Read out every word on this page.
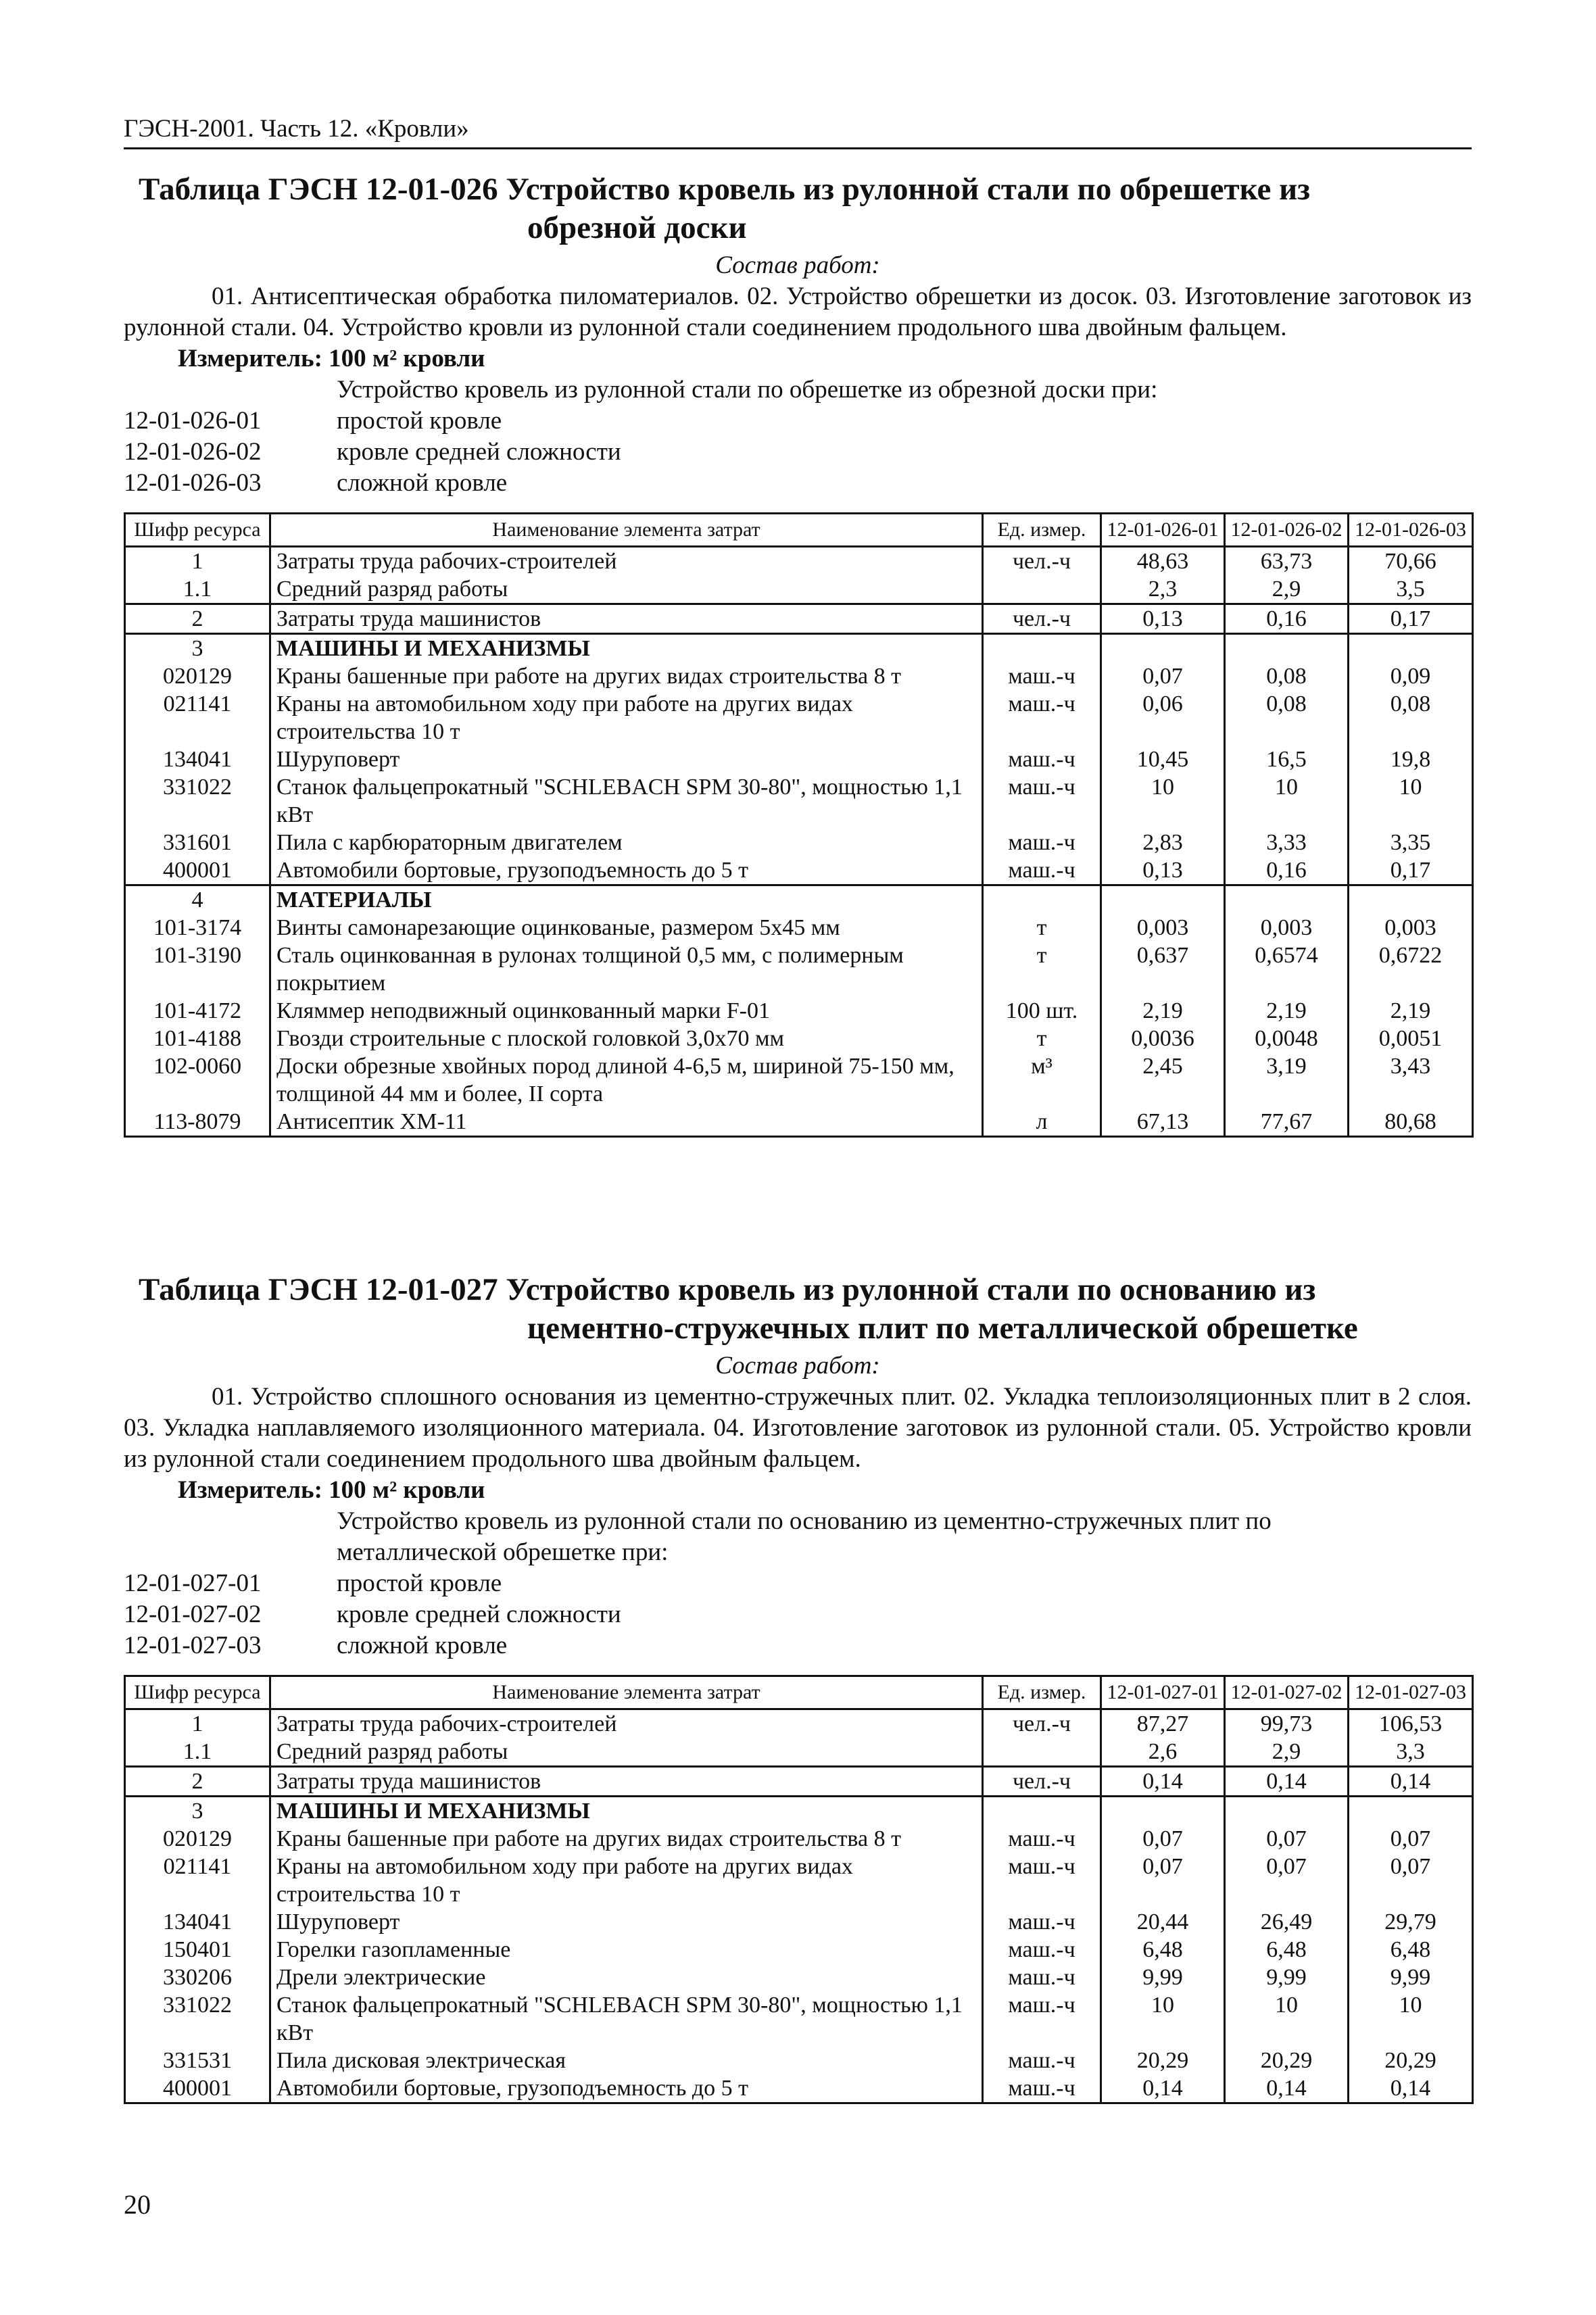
ГЭСН-2001. Часть 12. «Кровли»
Таблица ГЭСН 12-01-026 Устройство кровель из рулонной стали по обрешетке из
обрезной доски
Состав работ:

01. Антисептическая обработка пиломатериалов. 02. Устройство обрешетки из досок. 03. Изготовление заготовок из рулонной стали. 04. Устройство кровли из рулонной стали соединением продольного шва двойным фальцем.

Измеритель: 100 м² кровли
Устройство кровель из рулонной стали по обрешетке из обрезной доски при:
12-01-026-01	простой кровле
12-01-026-02	кровле средней сложности
12-01-026-03	сложной кровле
Шифр ресурса	Наименование элемента затрат	Ед. измер.	12-01-026-01	12-01-026-02	12-01-026-03
1	Затраты труда рабочих-строителей	чел.-ч	48,63	63,73	70,66
1.1	Средний разряд работы		2,3	2,9	3,5
2	Затраты труда машинистов	чел.-ч	0,13	0,16	0,17
3	МАШИНЫ И МЕХАНИЗМЫ				
020129	Краны башенные при работе на других видах строительства 8 т	маш.-ч	0,07	0,08	0,09
021141	Краны на автомобильном ходу при работе на других видах строительства 10 т	маш.-ч	0,06	0,08	0,08
134041	Шуруповерт	маш.-ч	10,45	16,5	19,8
331022	Станок фальцепрокатный "SCHLEBACH SPM 30-80", мощностью 1,1 кВт	маш.-ч	10	10	10
331601	Пила с карбюраторным двигателем	маш.-ч	2,83	3,33	3,35
400001	Автомобили бортовые, грузоподъемность до 5 т	маш.-ч	0,13	0,16	0,17
4	МАТЕРИАЛЫ				
101-3174	Винты самонарезающие оцинкованые, размером 5х45 мм	т	0,003	0,003	0,003
101-3190	Сталь оцинкованная в рулонах толщиной 0,5 мм, с полимерным покрытием	т	0,637	0,6574	0,6722
101-4172	Кляммер неподвижный оцинкованный марки F-01	100 шт.	2,19	2,19	2,19
101-4188	Гвозди строительные с плоской головкой 3,0х70 мм	т	0,0036	0,0048	0,0051
102-0060	Доски обрезные хвойных пород длиной 4-6,5 м, шириной 75-150 мм, толщиной 44 мм и более, II сорта	м³	2,45	3,19	3,43
113-8079	Антисептик ХМ-11	л	67,13	77,67	80,68
Таблица ГЭСН 12-01-027 Устройство кровель из рулонной стали по основанию из
цементно-стружечных плит по металлической обрешетке
Состав работ:

01. Устройство сплошного основания из цементно-стружечных плит. 02. Укладка теплоизоляционных плит в 2 слоя. 03. Укладка наплавляемого изоляционного материала. 04. Изготовление заготовок из рулонной стали. 05. Устройство кровли из рулонной стали соединением продольного шва двойным фальцем.

Измеритель: 100 м² кровли
Устройство кровель из рулонной стали по основанию из цементно-стружечных плит по металлической обрешетке при:
12-01-027-01	простой кровле
12-01-027-02	кровле средней сложности
12-01-027-03	сложной кровле
Шифр ресурса	Наименование элемента затрат	Ед. измер.	12-01-027-01	12-01-027-02	12-01-027-03
1	Затраты труда рабочих-строителей	чел.-ч	87,27	99,73	106,53
1.1	Средний разряд работы		2,6	2,9	3,3
2	Затраты труда машинистов	чел.-ч	0,14	0,14	0,14
3	МАШИНЫ И МЕХАНИЗМЫ				
020129	Краны башенные при работе на других видах строительства 8 т	маш.-ч	0,07	0,07	0,07
021141	Краны на автомобильном ходу при работе на других видах строительства 10 т	маш.-ч	0,07	0,07	0,07
134041	Шуруповерт	маш.-ч	20,44	26,49	29,79
150401	Горелки газопламенные	маш.-ч	6,48	6,48	6,48
330206	Дрели электрические	маш.-ч	9,99	9,99	9,99
331022	Станок фальцепрокатный "SCHLEBACH SPM 30-80", мощностью 1,1 кВт	маш.-ч	10	10	10
331531	Пила дисковая электрическая	маш.-ч	20,29	20,29	20,29
400001	Автомобили бортовые, грузоподъемность до 5 т	маш.-ч	0,14	0,14	0,14
20
